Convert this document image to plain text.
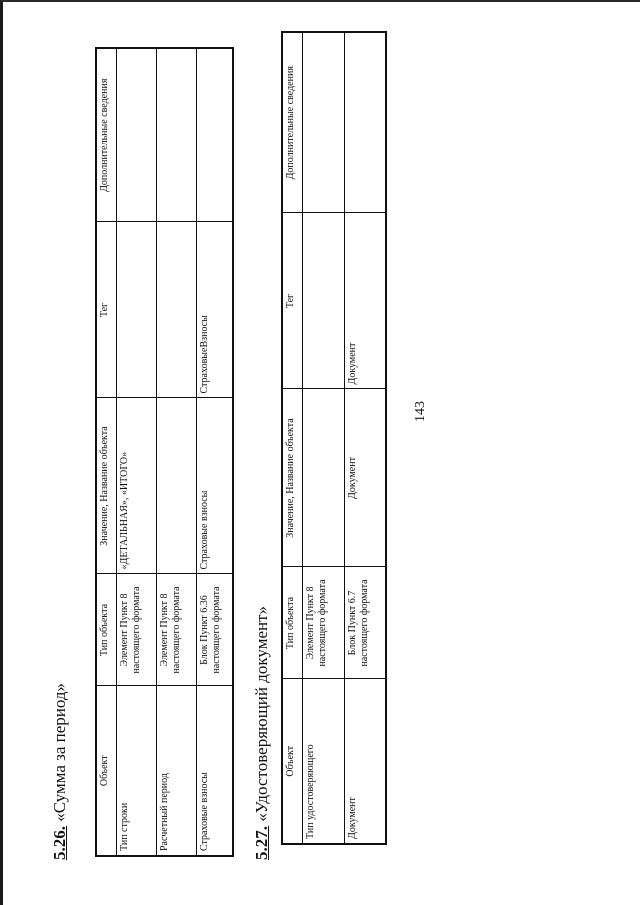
143
5.26. «Сумма за период»	Объект	Тип объекта	Значение, Название объекта	Тег	Дополнительные сведения
Тип строки	Элемент Пункт 8 настоящего формата	«ДЕТАЛЬНАЯ», «ИТОГО»		
Расчетный период	Элемент Пункт 8 настоящего формата			
Страховые взносы	Блок Пункт 6.36 настоящего формата	Страховые взносы	СтраховыеВзносы	
5.27. «Удостоверяющий документ» Объект	Тип объекта	Значение, Название объекта	Тег	Дополнительные сведения
Тип удостоверяющего	Элемент Пункт 8 настоящего формата			
Документ	Блок Пункт 6.7 настоящего формата	Документ	Документ	
